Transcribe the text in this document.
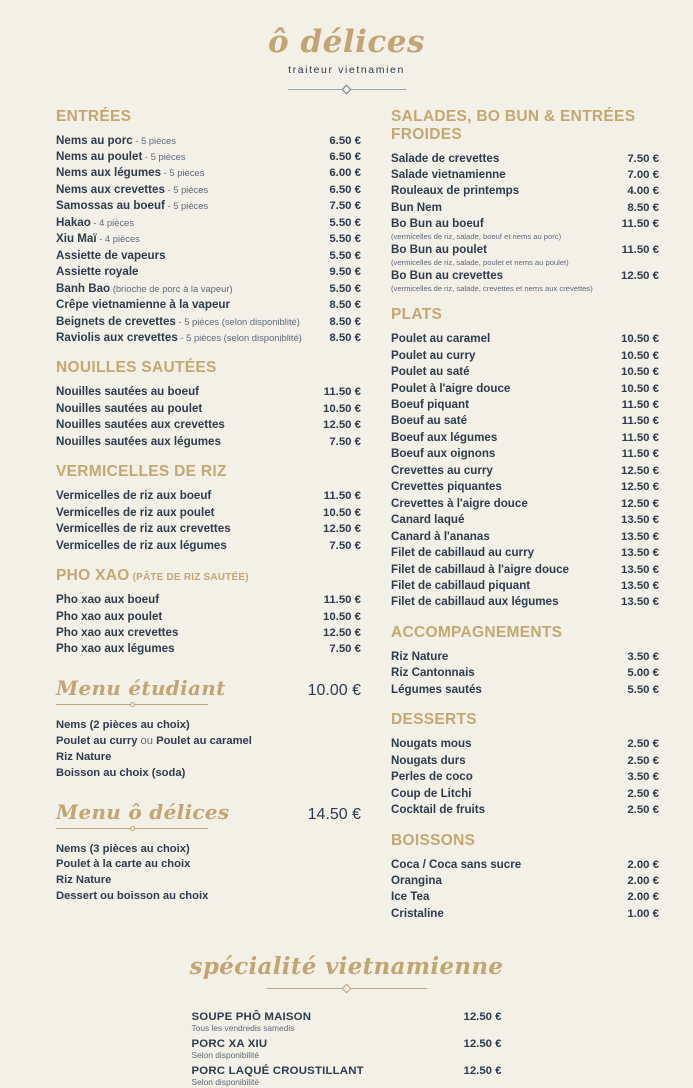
ô délices
traiteur vietnamien
ENTRÉES
Nems au porc - 5 pièces	6.50 €
Nems au poulet - 5 pièces	6.50 €
Nems aux légumes - 5 pièces	6.00 €
Nems aux crevettes - 5 pièces	6.50 €
Samossas au boeuf - 5 pièces	7.50 €
Hakao - 4 pièces	5.50 €
Xiu Maï - 4 pièces	5.50 €
Assiette de vapeurs	5.50 €
Assiette royale	9.50 €
Banh Bao (brioche de porc à la vapeur)	5.50 €
Crêpe vietnamienne à la vapeur	8.50 €
Beignets de crevettes - 5 pièces (selon disponiblité)	8.50 €
Raviolis aux crevettes - 5 pièces (selon disponiblité)	8.50 €
NOUILLES SAUTÉES
Nouilles sautées au boeuf	11.50 €
Nouilles sautées au poulet	10.50 €
Nouilles sautées aux crevettes	12.50 €
Nouilles sautées aux légumes	7.50 €
VERMICELLES DE RIZ
Vermicelles de riz aux boeuf	11.50 €
Vermicelles de riz aux poulet	10.50 €
Vermicelles de riz aux crevettes	12.50 €
Vermicelles de riz aux légumes	7.50 €
PHO XAO (PÂTE DE RIZ SAUTÉE)
Pho xao aux boeuf	11.50 €
Pho xao aux poulet	10.50 €
Pho xao aux crevettes	12.50 €
Pho xao aux légumes	7.50 €
Menu étudiant	10.00 €
Nems (2 pièces au choix)
Poulet au curry ou Poulet au caramel
Riz Nature
Boisson au choix (soda)
Menu ô délices	14.50 €
Nems (3 pièces au choix)
Poulet à la carte au choix
Riz Nature
Dessert ou boisson au choix
SALADES, BO BUN & ENTRÉES FROIDES
Salade de crevettes	7.50 €
Salade vietnamienne	7.00 €
Rouleaux de printemps	4.00 €
Bun Nem	8.50 €
Bo Bun au boeuf	11.50 €
(vermicelles de riz, salade, boeuf et nems au porc)
Bo Bun au poulet	11.50 €
(vermicelles de riz, salade, poulet et nems au poulet)
Bo Bun au crevettes	12.50 €
(vermicelles de riz, salade, crevettes et nems aux crevettes)
PLATS
Poulet au caramel	10.50 €
Poulet au curry	10.50 €
Poulet au saté	10.50 €
Poulet à l'aigre douce	10.50 €
Boeuf piquant	11.50 €
Boeuf au saté	11.50 €
Boeuf aux légumes	11.50 €
Boeuf aux oignons	11.50 €
Crevettes au curry	12.50 €
Crevettes piquantes	12.50 €
Crevettes à l'aigre douce	12.50 €
Canard laqué	13.50 €
Canard à l'ananas	13.50 €
Filet de cabillaud au curry	13.50 €
Filet de cabillaud à l'aigre douce	13.50 €
Filet de cabillaud piquant	13.50 €
Filet de cabillaud aux légumes	13.50 €
ACCOMPAGNEMENTS
Riz Nature	3.50 €
Riz Cantonnais	5.00 €
Légumes sautés	5.50 €
DESSERTS
Nougats mous	2.50 €
Nougats durs	2.50 €
Perles de coco	3.50 €
Coup de Litchi	2.50 €
Cocktail de fruits	2.50 €
BOISSONS
Coca / Coca sans sucre	2.00 €
Orangina	2.00 €
Ice Tea	2.00 €
Cristaline	1.00 €
spécialité vietnamienne
SOUPE PHÔ MAISON	12.50 €
Tous les vendredis samedis
PORC XA XIU	12.50 €
Selon disponibilité
PORC LAQUÉ CROUSTILLANT	12.50 €
Selon disponibilité
